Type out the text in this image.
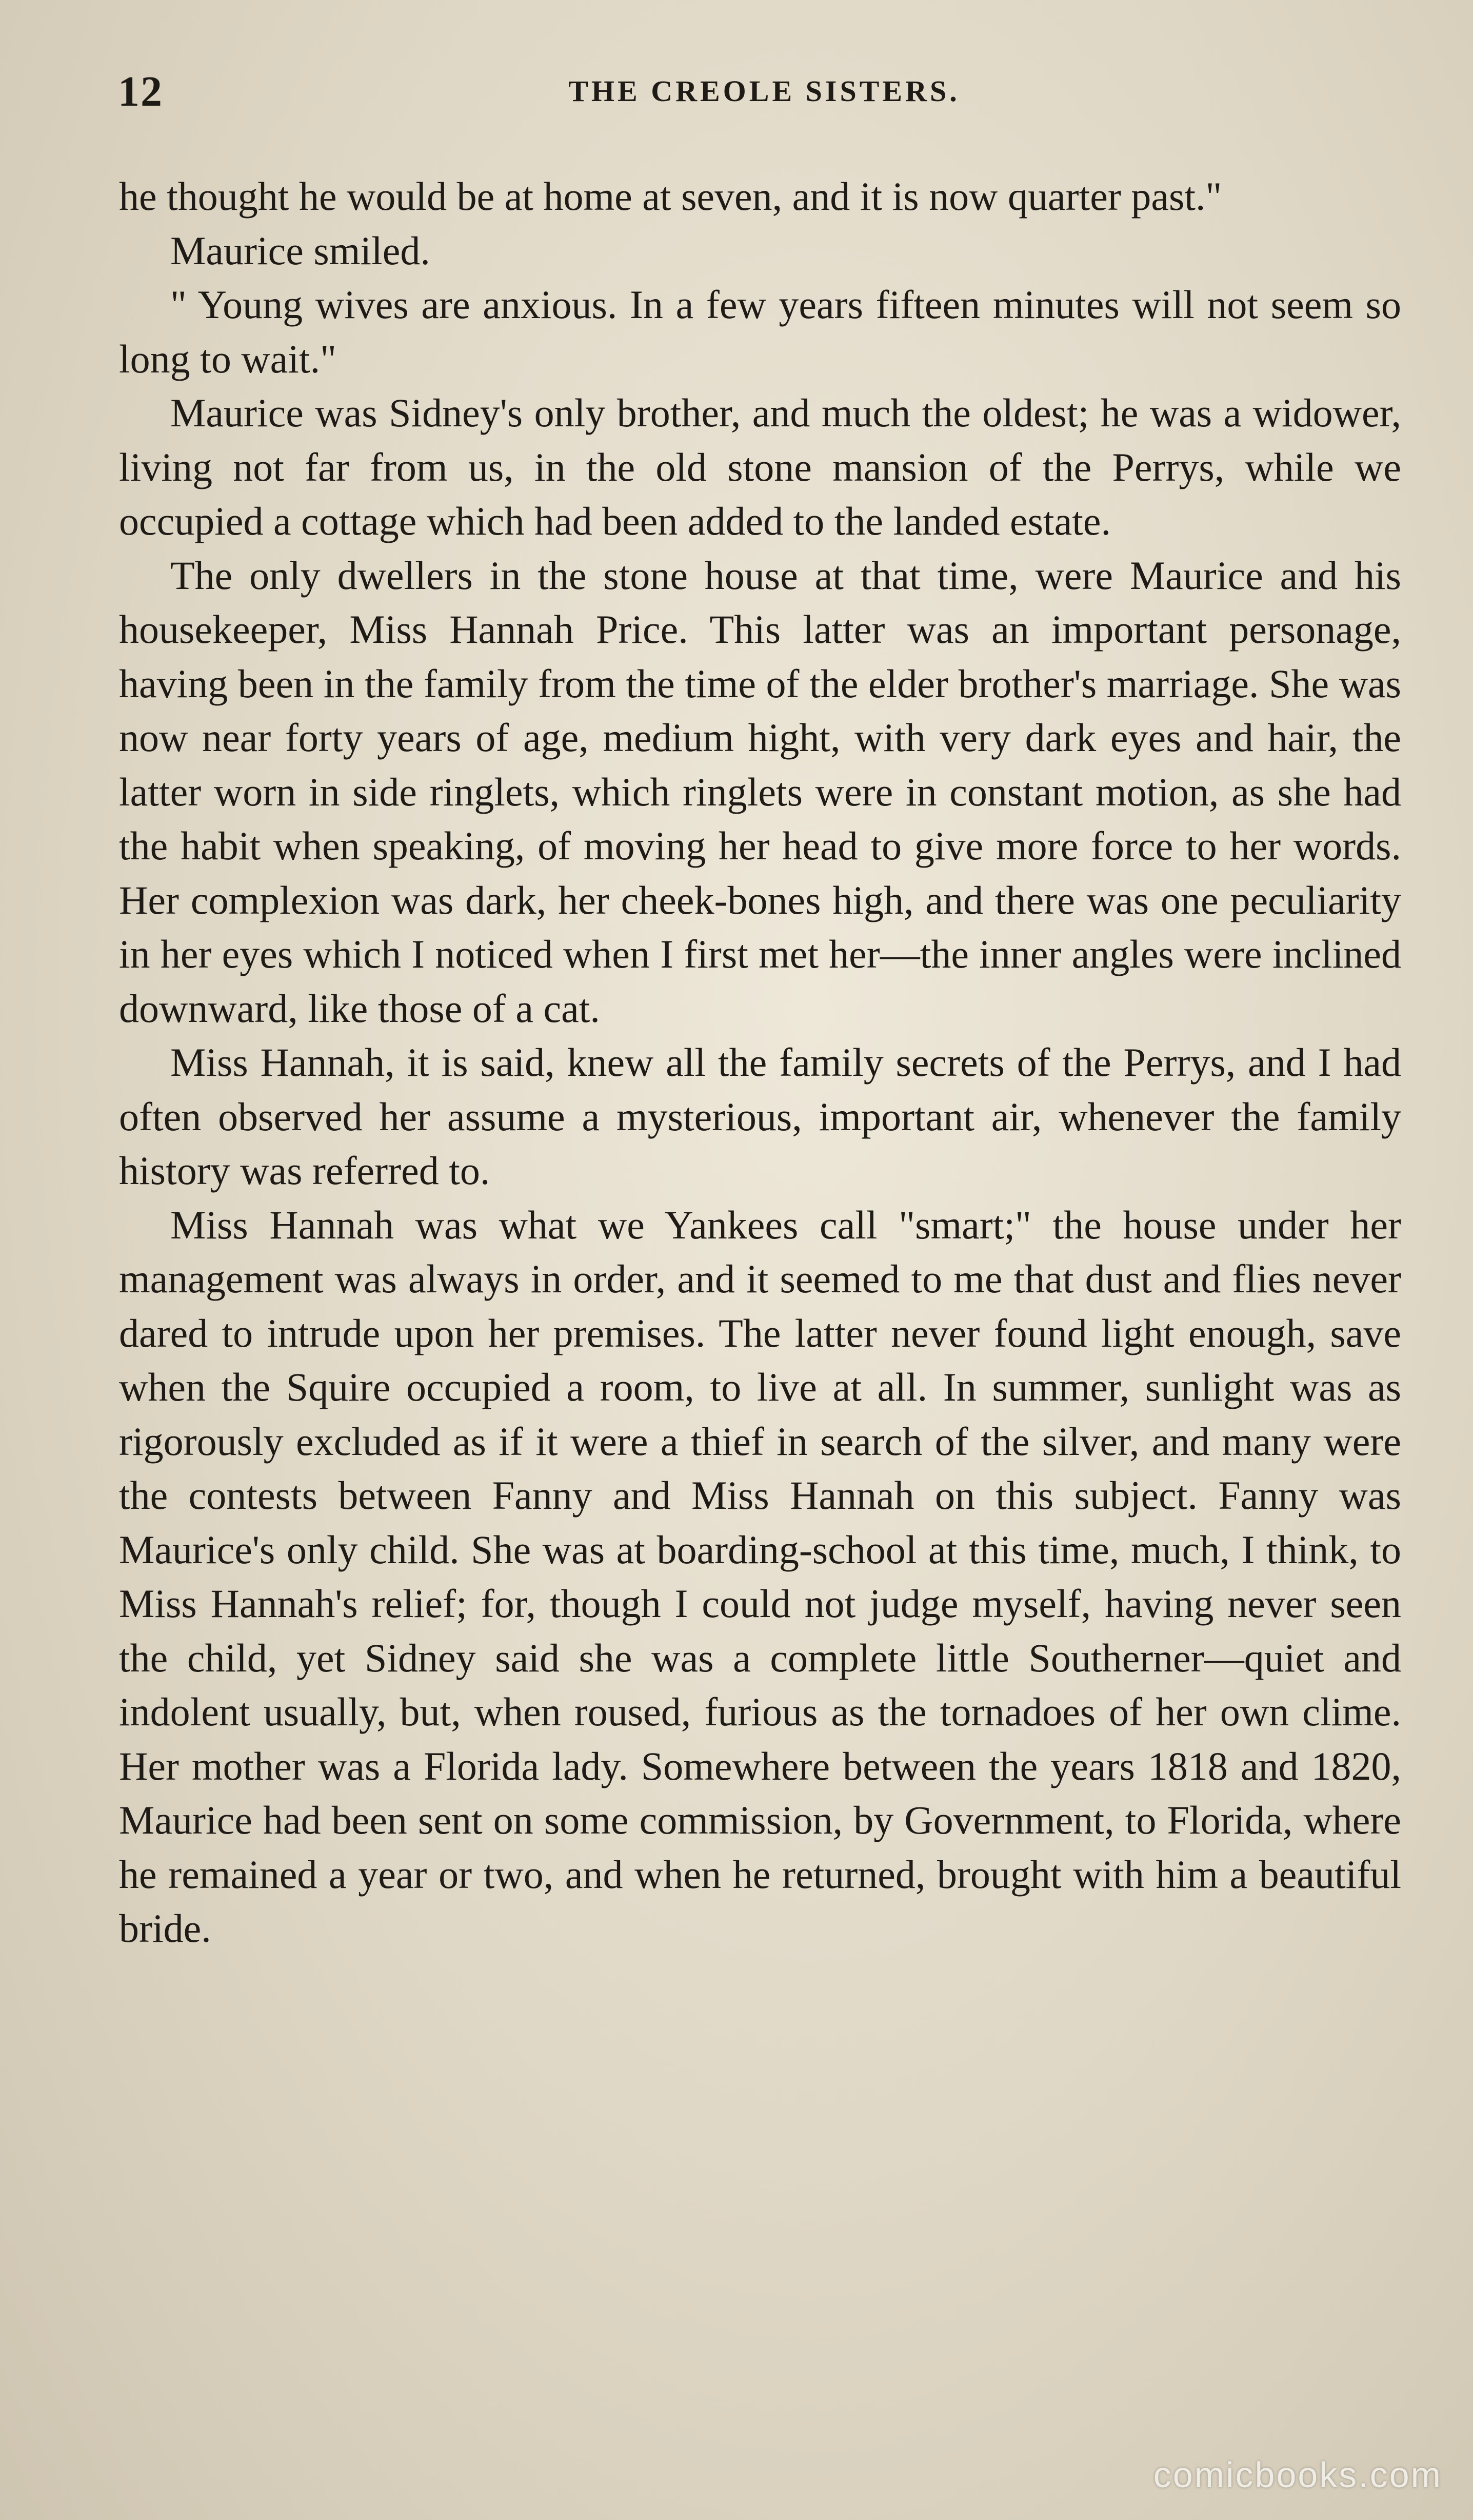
12	THE CREOLE SISTERS.

he thought he would be at home at seven, and it is now quarter past."

Maurice smiled.

" Young wives are anxious. In a few years fifteen minutes will not seem so long to wait."

Maurice was Sidney's only brother, and much the oldest; he was a widower, living not far from us, in the old stone mansion of the Perrys, while we occupied a cottage which had been added to the landed estate.

The only dwellers in the stone house at that time, were Maurice and his housekeeper, Miss Hannah Price. This latter was an important personage, having been in the family from the time of the elder brother's marriage. She was now near forty years of age, medium hight, with very dark eyes and hair, the latter worn in side ringlets, which ringlets were in constant motion, as she had the habit when speaking, of moving her head to give more force to her words. Her complexion was dark, her cheek-bones high, and there was one peculiarity in her eyes which I noticed when I first met her—the inner angles were inclined downward, like those of a cat.

Miss Hannah, it is said, knew all the family secrets of the Perrys, and I had often observed her assume a mysterious, important air, whenever the family history was referred to.

Miss Hannah was what we Yankees call "smart;" the house under her management was always in order, and it seemed to me that dust and flies never dared to intrude upon her premises. The latter never found light enough, save when the Squire occupied a room, to live at all. In summer, sunlight was as rigorously excluded as if it were a thief in search of the silver, and many were the contests between Fanny and Miss Hannah on this subject. Fanny was Maurice's only child. She was at boarding-school at this time, much, I think, to Miss Hannah's relief; for, though I could not judge myself, having never seen the child, yet Sidney said she was a complete little Southerner—quiet and indolent usually, but, when roused, furious as the tornadoes of her own clime. Her mother was a Florida lady. Somewhere between the years 1818 and 1820, Maurice had been sent on some commission, by Government, to Florida, where he remained a year or two, and when he returned, brought with him a beautiful bride.

comicbooks.com
